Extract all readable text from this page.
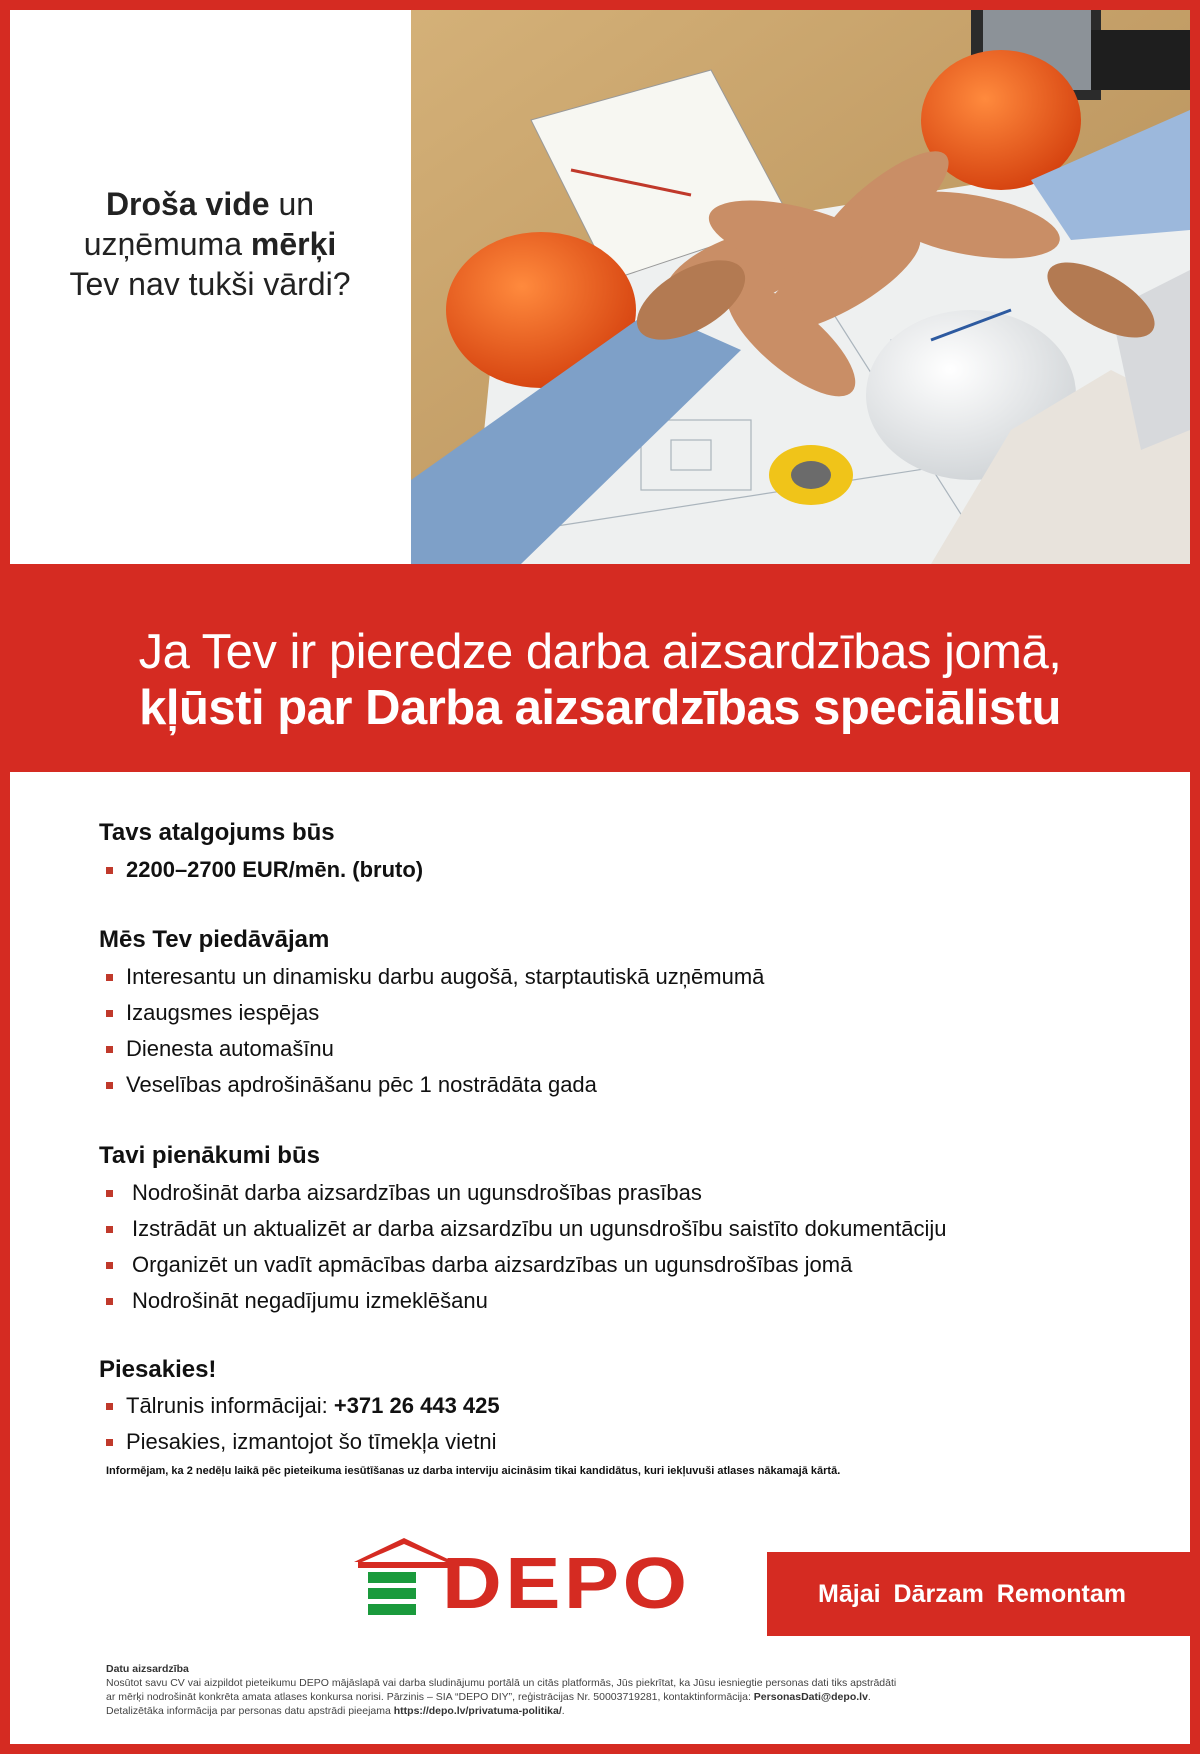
Droša vide un
uzņēmuma mērķi
Tev nav tukši vārdi?
Ja Tev ir pieredze darba aizsardzības jomā,
kļūsti par Darba aizsardzības speciālistu
Tavs atalgojums būs
2200–2700 EUR/mēn. (bruto)
Mēs Tev piedāvājam
Interesantu un dinamisku darbu augošā, starptautiskā uzņēmumā
Izaugsmes iespējas
Dienesta automašīnu
Veselības apdrošināšanu pēc 1 nostrādāta gada
Tavi pienākumi būs
Nodrošināt darba aizsardzības un ugunsdrošības prasības
Izstrādāt un aktualizēt ar darba aizsardzību un ugunsdrošību saistīto dokumentāciju
Organizēt un vadīt apmācības darba aizsardzības un ugunsdrošības jomā
Nodrošināt negadījumu izmeklēšanu
Piesakies!
Tālrunis informācijai: +371 26 443 425
Piesakies, izmantojot šo tīmekļa vietni
Informējam, ka 2 nedēļu laikā pēc pieteikuma iesūtīšanas uz darba interviju aicināsim tikai kandidātus, kuri iekļuvuši atlases nākamajā kārtā.
DEPO	Mājai Dārzam Remontam
Datu aizsardzība
Nosūtot savu CV vai aizpildot pieteikumu DEPO mājāslapā vai darba sludinājumu portālā un citās platformās, Jūs piekrītat, ka Jūsu iesniegtie personas dati tiks apstrādāti
ar mērķi nodrošināt konkrēta amata atlases konkursa norisi. Pārzinis – SIA “DEPO DIY”, reģistrācijas Nr. 50003719281, kontaktinformācija: PersonasDati@depo.lv.
Detalizētāka informācija par personas datu apstrādi pieejama https://depo.lv/privatuma-politika/.
